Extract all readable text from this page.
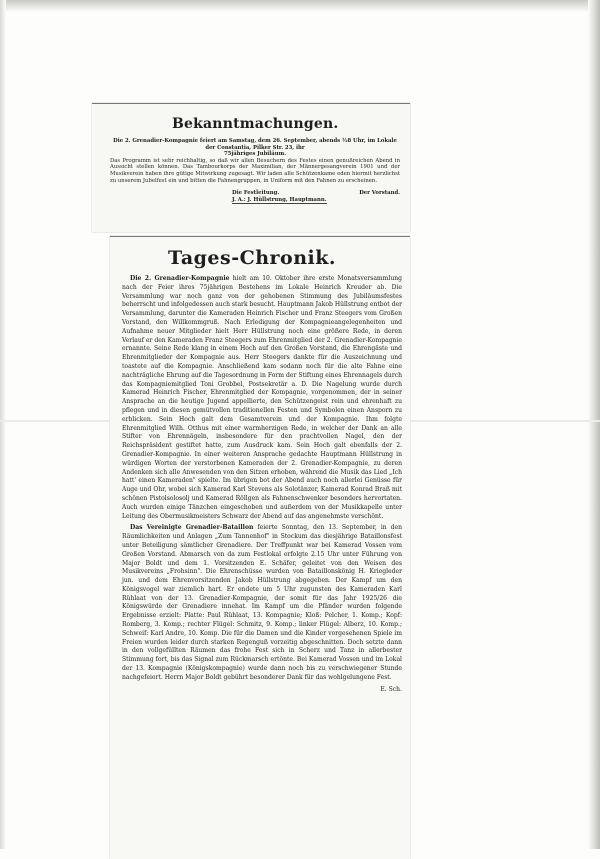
Bekanntmachungen.

Die 2. Grenadier-Kompagnie feiert am Samstag, dem 26. September, abends ½8 Uhr, im Lokale der Constantia, Pilker Str. 23, ihr

75jähriges Jubiläum.

Das Programm ist sehr reichhaltig, so daß wir allen Besuchern des Festes einen genußreichen Abend in Aussicht stellen können. Das Tambourkorps der Maximilian, der Männergesangverein 1901 und der Musikverein haben ihre gütige Mitwirkung zugesagt. Wir laden alle Schützenkame eden hiermit herzlichst zu unserem Jubelfest ein und bitten die Fahnengruppen, in Uniform mit den Fahnen zu erscheinen.

Die Festleitung.	Der Vorstand.
J. A.: J. Hüllstrung, Hauptmann.
Tages-Chronik.

Die 2. Grenadier-Kompagnie hielt am 10. Oktober ihre erste Monatsversammlung nach der Feier ihres 75jährigen Bestehens im Lokale Heinrich Kreuder ab. Die Versammlung war noch ganz von der gehobenen Stimmung des Jubiläumsfestes beherrscht und infolgedessen auch stark besucht. Hauptmann Jakob Hüllstrung entbot der Versammlung, darunter die Kameraden Heinrich Fischer und Franz Steegers vom Großen Vorstand, den Willkommgruß. Nach Erledigung der Kompagnieangelegenheiten und Aufnahme neuer Mitglieder hielt Herr Hüllstrung noch eine größere Rede, in deren Verlauf er den Kameraden Franz Steegers zum Ehrenmitglied der 2. Grenadier-Kompagnie ernannte. Seine Rede klang in einem Hoch auf den Großen Vorstand, die Ehrengäste und Ehrenmitglieder der Kompagnie aus. Herr Steegers dankte für die Auszeichnung und toastete auf die Kompagnie. Anschließend kam sodann noch für die alte Fahne eine nachträgliche Ehrung auf die Tagesordnung in Form der Stiftung eines Ehrennagels durch das Kompagniemitglied Toni Grobbel, Postsekretär a. D. Die Nagelung wurde durch Kamerad Heinrich Fischer, Ehrenmitglied der Kompagnie, vorgenommen, der in seiner Ansprache an die heutige Jugend appellierte, den Schützengeist rein und ehrenhaft zu pflegen und in diesen gemütvollen traditionellen Festen und Symbolen einen Ansporn zu erblicken. Sein Hoch galt dem Gesamtverein und der Kompagnie. Ihm folgte Ehrenmitglied Wilh. Otthus mit einer warmherzigen Rede, in welcher der Dank an alle Stifter von Ehrennägeln, insbesondere für den prachtvollen Nagel, den der Reichspräsident gestiftet hatte, zum Ausdruck kam. Sein Hoch galt ebenfalls der 2. Grenadier-Kompagnie. In einer weiteren Ansprache gedachte Hauptmann Hüllstrung in würdigen Worten der verstorbenen Kameraden der 2. Grenadier-Kompagnie, zu deren Andenken sich alle Anwesenden von den Sitzen erhoben, während die Musik das Lied „Ich hatt' einen Kameraden" spielte. Im übrigen bot der Abend auch noch allerlei Genüsse für Auge und Ohr, wobei sich Kamerad Karl Stevens als Solotänzer, Kamerad Konrad Braß mit schönen Pistolsolosolj und Kamerad Röllgen als Fahnenschwenker besonders hervortaten. Auch wurden einige Tänzchen eingeschoben und außerdem von der Musikkapelle unter Leitung des Obermusikmeisters Schwarz der Abend auf das angenehmste verschönt.

Das Vereinigte Grenadier-Bataillon feierte Sonntag, den 13. September, in den Räumlichkeiten und Anlagen „Zum Tannenhof" in Stockum das diesjährige Bataillonsfest unter Beteiligung sämtlicher Grenadiere. Der Treffpunkt war bei Kamerad Vossen vom Großen Vorstand. Abmarsch von da zum Festlokal erfolgte 2.15 Uhr unter Führung von Major Boldt und dem 1. Vorsitzenden E. Schäfer, geleitet von den Weisen des Musikvereins „Frohsinn". Die Ehrenschüsse wurden von Bataillonskönig H. Kriegleder jun. und dem Ehrenvorsitzenden Jakob Hüllstrung abgegeben. Der Kampf um den Königsvogel war ziemlich hart. Er endete um 5 Uhr zugunsten des Kameraden Karl Rühlaat von der 13. Grenadier-Kompagnie, der somit für das Jahr 1925/26 die Königswürde der Grenadiere innehat. Im Kampf um die Pfänder wurden folgende Ergebnisse erzielt: Platte: Paul Rühlaat, 13. Kompagnie; Kloß: Pelcher, 1. Komp.; Kopf: Romberg, 3. Komp.; rechter Flügel: Schmitz, 9. Komp.; linker Flügel: Alberz, 10. Komp.; Schweif: Karl Andre, 10. Komp. Die für die Damen und die Kinder vorgesehenen Spiele im Freien wurden leider durch starken Regenguß vorzeitig abgeschnitten. Doch setzte dann in den vollgefüllten Räumen das frohe Fest sich in Scherz und Tanz in allerbester Stimmung fort, bis das Signal zum Rückmarsch ertönte. Bei Kamerad Vossen und im Lokal der 13. Kompagnie (Königskompagnie) wurde dann noch bis zu verschwiegener Stunde nachgefeiert. Herrn Major Boldt gebührt besonderer Dank für das wohlgelungene Fest.

E. Sch.
